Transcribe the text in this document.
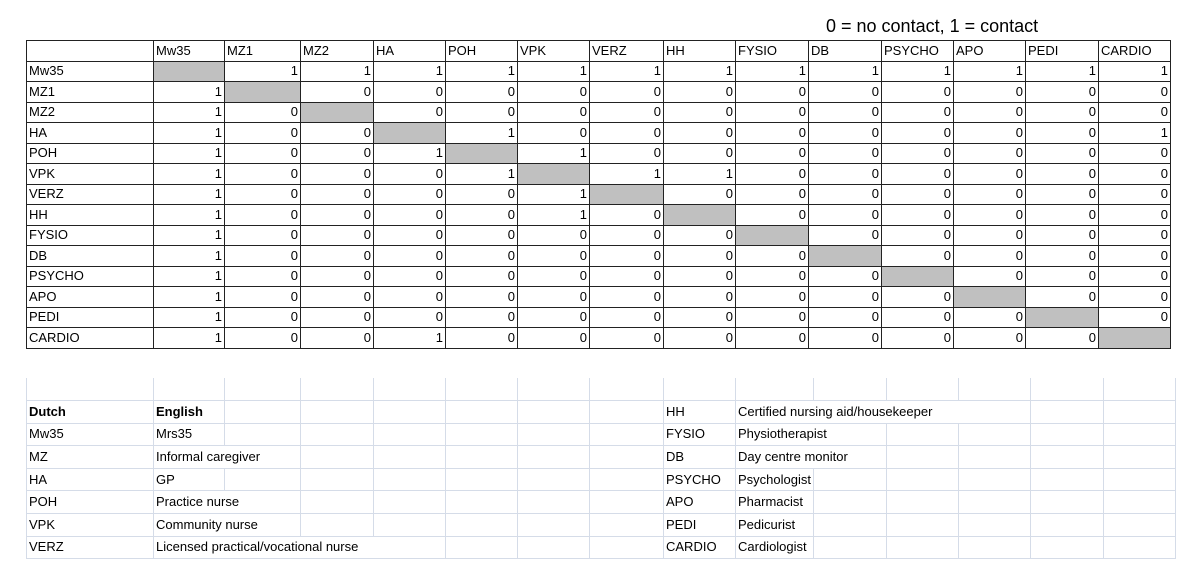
0 = no contact, 1 = contact
	Mw35	MZ1	MZ2	HA	POH	VPK	VERZ	HH	FYSIO	DB	PSYCHO	APO	PEDI	CARDIO
Mw35		1	1	1	1	1	1	1	1	1	1	1	1	1
MZ1	1		0	0	0	0	0	0	0	0	0	0	0	0
MZ2	1	0		0	0	0	0	0	0	0	0	0	0	0
HA	1	0	0		1	0	0	0	0	0	0	0	0	1
POH	1	0	0	1		1	0	0	0	0	0	0	0	0
VPK	1	0	0	0	1		1	1	0	0	0	0	0	0
VERZ	1	0	0	0	0	1		0	0	0	0	0	0	0
HH	1	0	0	0	0	1	0		0	0	0	0	0	0
FYSIO	1	0	0	0	0	0	0	0		0	0	0	0	0
DB	1	0	0	0	0	0	0	0	0		0	0	0	0
PSYCHO	1	0	0	0	0	0	0	0	0	0		0	0	0
APO	1	0	0	0	0	0	0	0	0	0	0		0	0
PEDI	1	0	0	0	0	0	0	0	0	0	0	0		0
CARDIO	1	0	0	1	0	0	0	0	0	0	0	0	0	

Dutch	English							HH	Certified nursing aid/housekeeper					
Mw35	Mrs35							FYSIO	Physiotherapist					
MZ	Informal caregiver							DB	Day centre monitor					
HA	GP							PSYCHO	Psychologist					
POH	Practice nurse							APO	Pharmacist					
VPK	Community nurse							PEDI	Pedicurist					
VERZ	Licensed practical/vocational nurse							CARDIO	Cardiologist					
